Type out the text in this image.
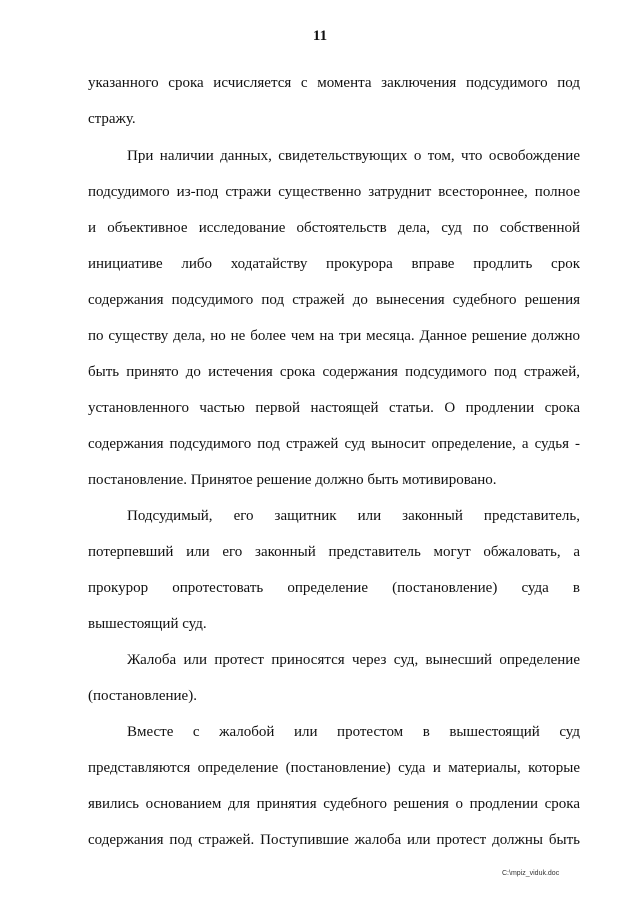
11
указанного срока исчисляется с момента заключения подсудимого под
стражу.
При наличии данных, свидетельствующих о том, что освобождение
подсудимого из-под стражи существенно затруднит всестороннее, полное
и объективное исследование обстоятельств дела, суд по собственной
инициативе либо ходатайству прокурора вправе продлить срок
содержания подсудимого под стражей до вынесения судебного решения
по существу дела, но не более чем на три месяца. Данное решение должно
быть принято до истечения срока содержания подсудимого под стражей,
установленного частью первой настоящей статьи. О продлении срока
содержания подсудимого под стражей суд выносит определение, а судья -
постановление. Принятое решение должно быть мотивировано.
Подсудимый, его защитник или законный представитель,
потерпевший или его законный представитель могут обжаловать, а
прокурор опротестовать определение (постановление) суда в
вышестоящий суд.
Жалоба или протест приносятся через суд, вынесший определение
(постановление).
Вместе с жалобой или протестом в вышестоящий суд
представляются определение (постановление) суда и материалы, которые
явились основанием для принятия судебного решения о продлении срока
содержания под стражей. Поступившие жалоба или протест должны быть
C:\mpiz_viduk.doc
